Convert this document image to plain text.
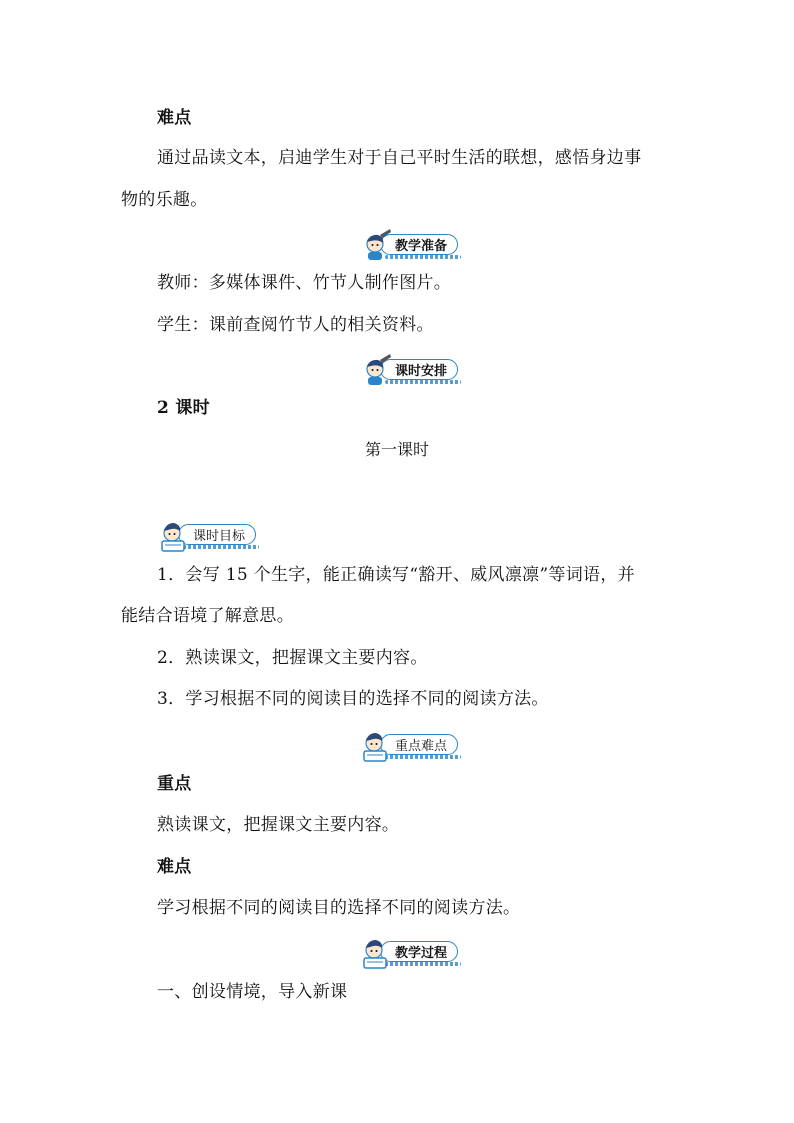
难点
通过品读文本，启迪学生对于自己平时生活的联想，感悟身边事
物的乐趣。
教学准备
教师：多媒体课件、竹节人制作图片。
学生：课前查阅竹节人的相关资料。
课时安排
2 课时
第一课时
课时目标
1．会写 15 个生字，能正确读写“豁开、威风凛凛”等词语，并
能结合语境了解意思。
2．熟读课文，把握课文主要内容。
3．学习根据不同的阅读目的选择不同的阅读方法。
重点难点
重点
熟读课文，把握课文主要内容。
难点
学习根据不同的阅读目的选择不同的阅读方法。
教学过程
一、创设情境，导入新课
